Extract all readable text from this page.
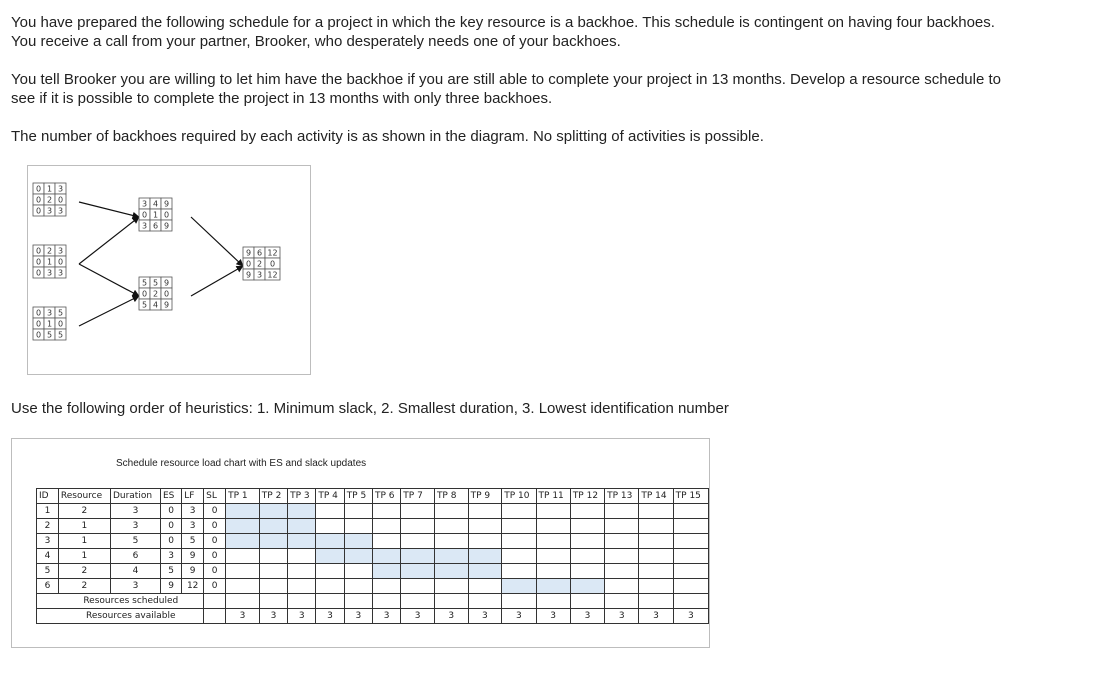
You have prepared the following schedule for a project in which the key resource is a backhoe. This schedule is contingent on having four backhoes. You receive a call from your partner, Brooker, who desperately needs one of your backhoes.

You tell Brooker you are willing to let him have the backhoe if you are still able to complete your project in 13 months. Develop a resource schedule to see if it is possible to complete the project in 13 months with only three backhoes.

The number of backhoes required by each activity is as shown in the diagram. No splitting of activities is possible.

0 1 3
0 2 0
0 3 3
0 2 3
0 1 0
0 3 3
0 3 5
0 1 0
0 5 5
3 4 9
0 1 0
3 6 9
5 5 9
0 2 0
5 4 9
9 6 12
0 2 0
9 3 12

Use the following order of heuristics: 1. Minimum slack, 2. Smallest duration, 3. Lowest identification number

Schedule resource load chart with ES and slack updates
ID	Resource	Duration	ES	LF	SL	TP 1	TP 2	TP 3	TP 4	TP 5	TP 6	TP 7	TP 8	TP 9	TP 10	TP 11	TP 12	TP 13	TP 14	TP 15
1	2	3	0	3	0															
2	1	3	0	3	0															
3	1	5	0	5	0															
4	1	6	3	9	0															
5	2	4	5	9	0															
6	2	3	9	12	0															
	Resources scheduled																			
	Resources available					3	3	3	3	3	3	3	3	3	3	3	3	3	3	3
